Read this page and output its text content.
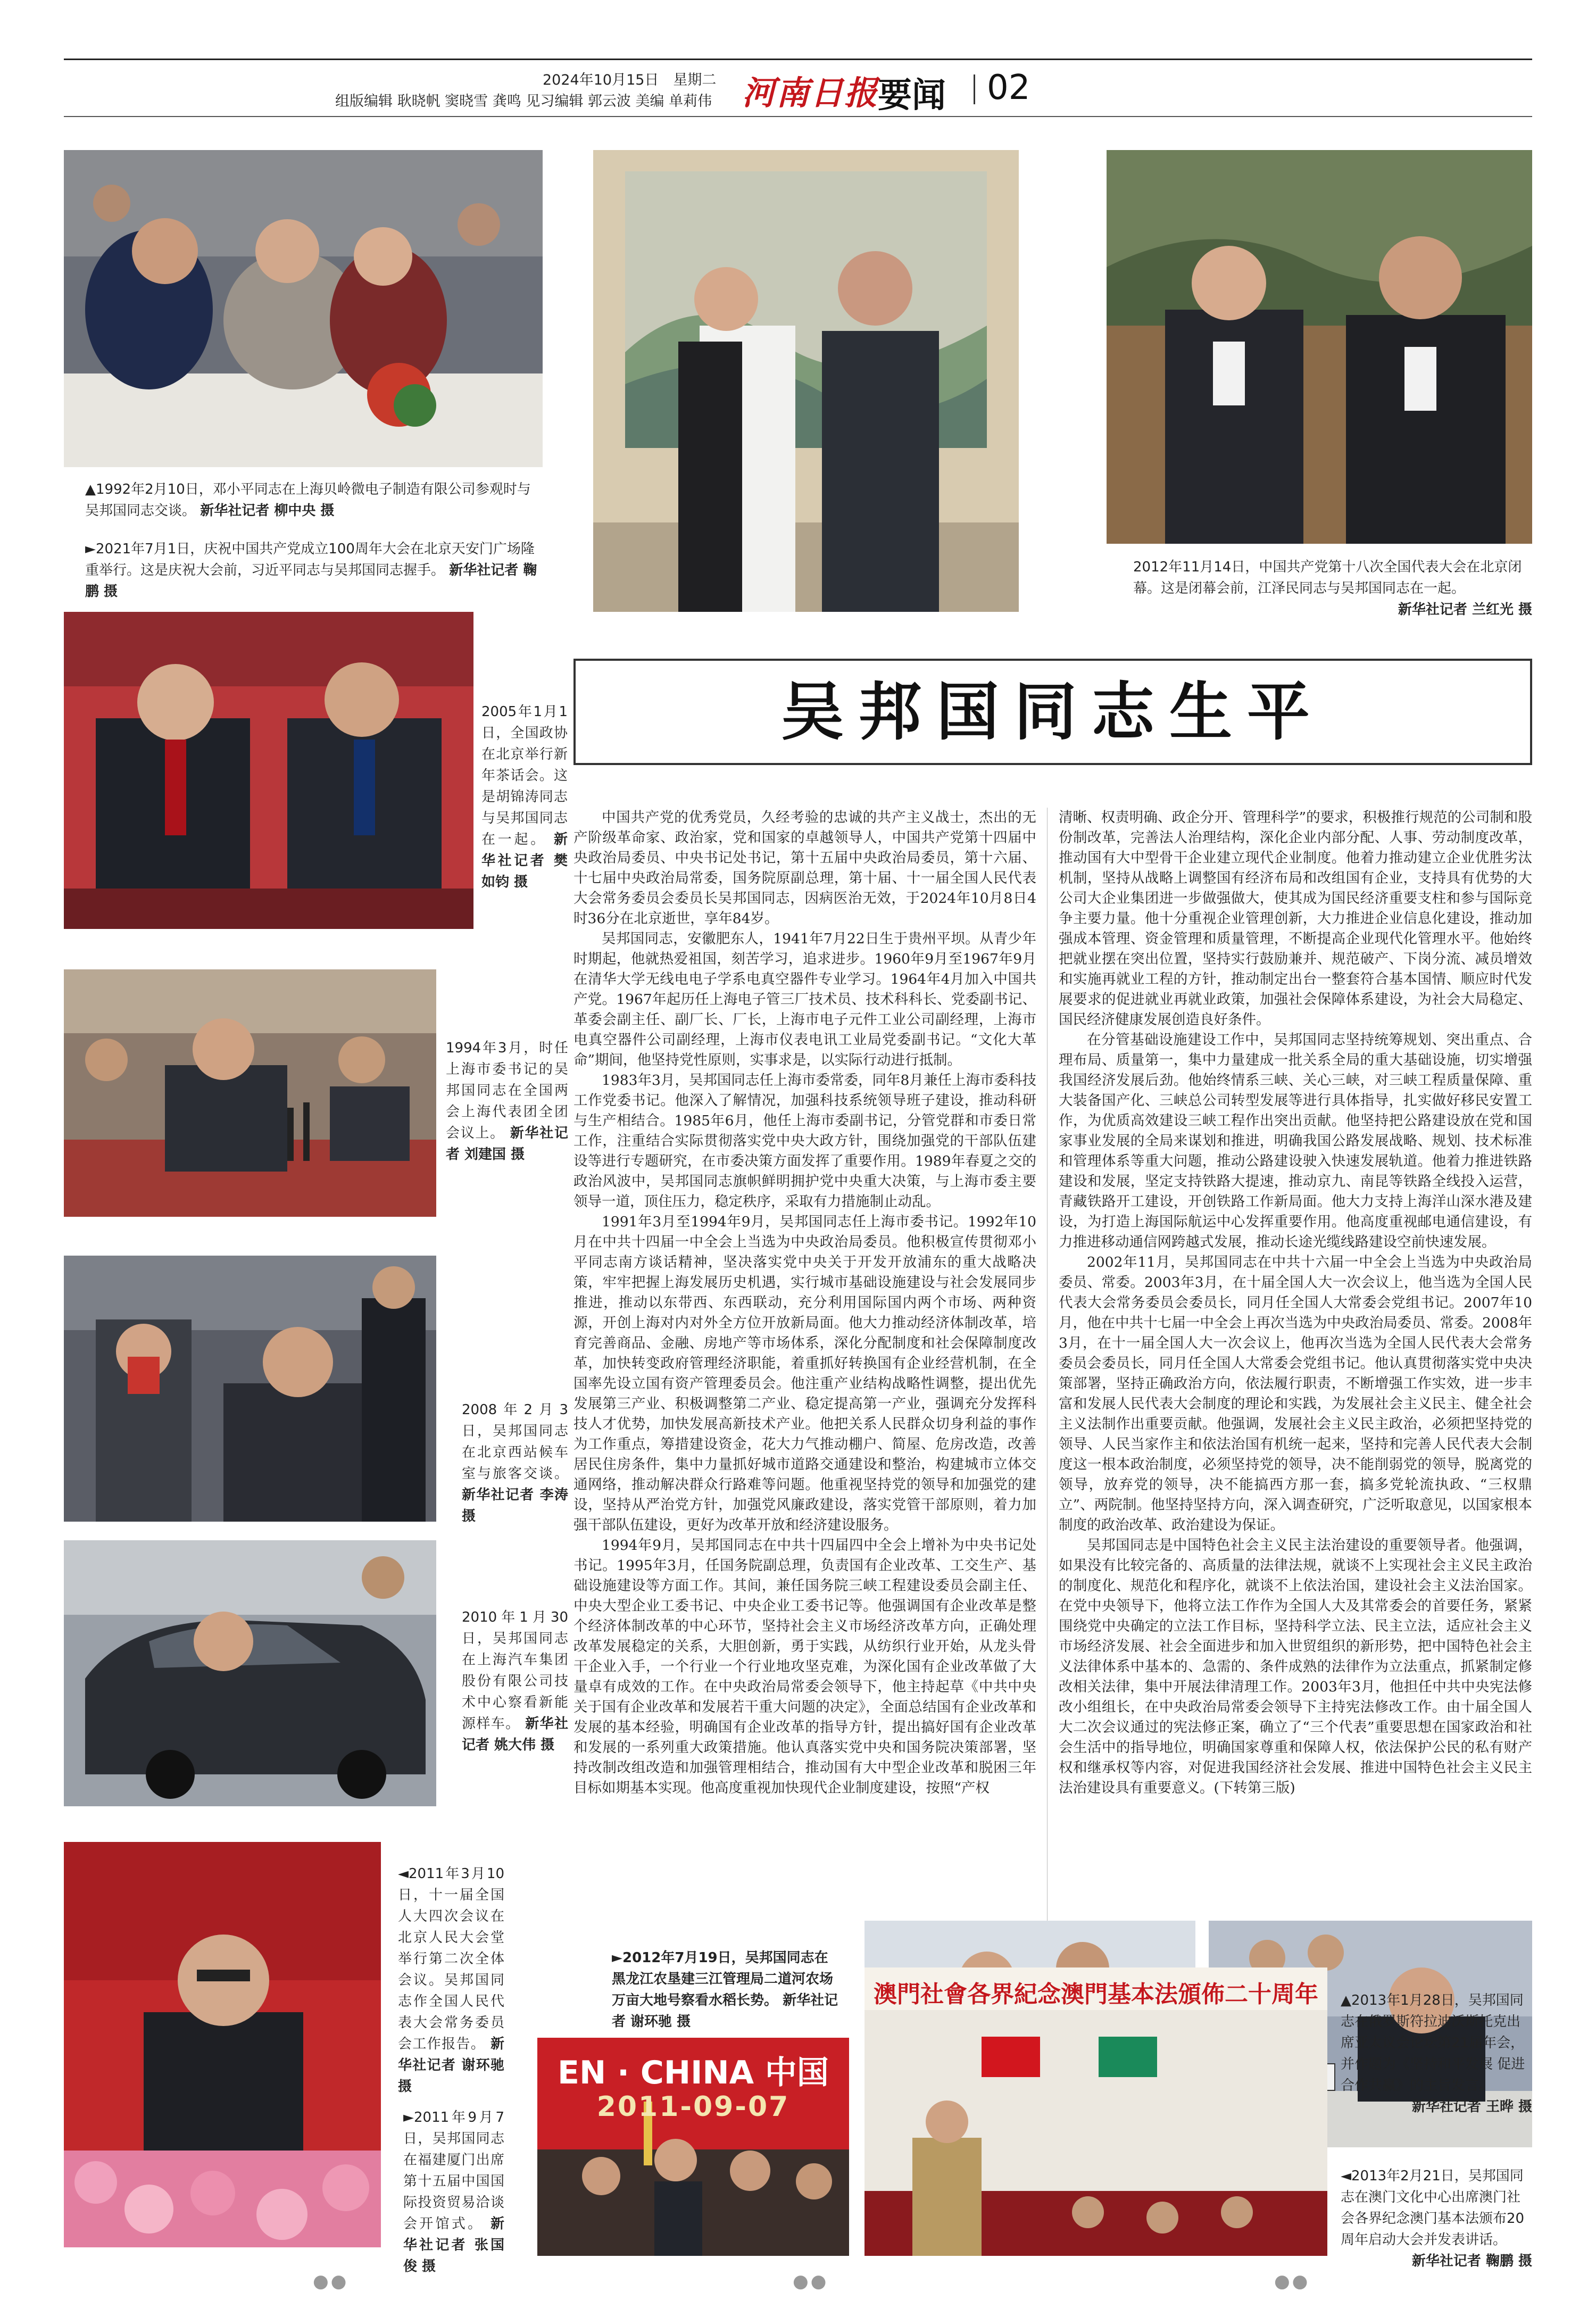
2024年10月15日　星期二
组版编辑 耿晓帆 窦晓雪 龚鸣 见习编辑 郭云波 美编 单莉伟 河南日报
要闻 02
▲1992年2月10日，邓小平同志在上海贝岭微电子制造有限公司参观时与吴邦国同志交谈。 新华社记者 柳中央 摄
►2021年7月1日，庆祝中国共产党成立100周年大会在北京天安门广场隆重举行。这是庆祝大会前，习近平同志与吴邦国同志握手。 新华社记者 鞠鹏 摄
2012年11月14日，中国共产党第十八次全国代表大会在北京闭幕。这是闭幕会前，江泽民同志与吴邦国同志在一起。

新华社记者 兰红光 摄
2005年1月1日，全国政协在北京举行新年茶话会。这是胡锦涛同志与吴邦国同志在一起。 新华社记者 樊如钧 摄
1994年3月，时任上海市委书记的吴邦国同志在全国两会上海代表团全团会议上。 新华社记者 刘建国 摄
2008年2月3日，吴邦国同志在北京西站候车室与旅客交谈。 新华社记者 李涛 摄
2010年1月30日，吴邦国同志在上海汽车集团股份有限公司技术中心察看新能源样车。 新华社记者 姚大伟 摄
◄2011年3月10日，十一届全国人大四次会议在北京人民大会堂举行第二次全体会议。吴邦国同志作全国人民代表大会常务委员会工作报告。 新华社记者 谢环驰 摄
►2011年9月7日，吴邦国同志在福建厦门出席第十五届中国国际投资贸易洽谈会开馆式。 新华社记者 张国俊 摄
吴邦国同志生平

中国共产党的优秀党员，久经考验的忠诚的共产主义战士，杰出的无产阶级革命家、政治家，党和国家的卓越领导人，中国共产党第十四届中央政治局委员、中央书记处书记，第十五届中央政治局委员，第十六届、十七届中央政治局常委，国务院原副总理，第十届、十一届全国人民代表大会常务委员会委员长吴邦国同志，因病医治无效，于2024年10月8日4时36分在北京逝世，享年84岁。

吴邦国同志，安徽肥东人，1941年7月22日生于贵州平坝。从青少年时期起，他就热爱祖国，刻苦学习，追求进步。1960年9月至1967年9月在清华大学无线电电子学系电真空器件专业学习。1964年4月加入中国共产党。1967年起历任上海电子管三厂技术员、技术科科长、党委副书记、革委会副主任、副厂长、厂长，上海市电子元件工业公司副经理，上海市电真空器件公司副经理，上海市仪表电讯工业局党委副书记。“文化大革命”期间，他坚持党性原则，实事求是，以实际行动进行抵制。

1983年3月，吴邦国同志任上海市委常委，同年8月兼任上海市委科技工作党委书记。他深入了解情况，加强科技系统领导班子建设，推动科研与生产相结合。1985年6月，他任上海市委副书记，分管党群和市委日常工作，注重结合实际贯彻落实党中央大政方针，围绕加强党的干部队伍建设等进行专题研究，在市委决策方面发挥了重要作用。1989年春夏之交的政治风波中，吴邦国同志旗帜鲜明拥护党中央重大决策，与上海市委主要领导一道，顶住压力，稳定秩序，采取有力措施制止动乱。

1991年3月至1994年9月，吴邦国同志任上海市委书记。1992年10月在中共十四届一中全会上当选为中央政治局委员。他积极宣传贯彻邓小平同志南方谈话精神，坚决落实党中央关于开发开放浦东的重大战略决策，牢牢把握上海发展历史机遇，实行城市基础设施建设与社会发展同步推进，推动以东带西、东西联动，充分利用国际国内两个市场、两种资源，开创上海对内对外全方位开放新局面。他大力推动经济体制改革，培育完善商品、金融、房地产等市场体系，深化分配制度和社会保障制度改革，加快转变政府管理经济职能，着重抓好转换国有企业经营机制，在全国率先设立国有资产管理委员会。他注重产业结构战略性调整，提出优先发展第三产业、积极调整第二产业、稳定提高第一产业，强调充分发挥科技人才优势，加快发展高新技术产业。他把关系人民群众切身利益的事作为工作重点，筹措建设资金，花大力气推动棚户、简屋、危房改造，改善居民住房条件，集中力量抓好城市道路交通建设和整治，构建城市立体交通网络，推动解决群众行路难等问题。他重视坚持党的领导和加强党的建设，坚持从严治党方针，加强党风廉政建设，落实党管干部原则，着力加强干部队伍建设，更好为改革开放和经济建设服务。

1994年9月，吴邦国同志在中共十四届四中全会上增补为中央书记处书记。1995年3月，任国务院副总理，负责国有企业改革、工交生产、基础设施建设等方面工作。其间，兼任国务院三峡工程建设委员会副主任、中央大型企业工委书记、中央企业工委书记等。他强调国有企业改革是整个经济体制改革的中心环节，坚持社会主义市场经济改革方向，正确处理改革发展稳定的关系，大胆创新，勇于实践，从纺织行业开始，从龙头骨干企业入手，一个行业一个行业地攻坚克难，为深化国有企业改革做了大量卓有成效的工作。在中央政治局常委会领导下，他主持起草《中共中央关于国有企业改革和发展若干重大问题的决定》，全面总结国有企业改革和发展的基本经验，明确国有企业改革的指导方针，提出搞好国有企业改革和发展的一系列重大政策措施。他认真落实党中央和国务院决策部署，坚持改制改组改造和加强管理相结合，推动国有大中型企业改革和脱困三年目标如期基本实现。他高度重视加快现代企业制度建设，按照“产权

清晰、权责明确、政企分开、管理科学”的要求，积极推行规范的公司制和股份制改革，完善法人治理结构，深化企业内部分配、人事、劳动制度改革，推动国有大中型骨干企业建立现代企业制度。他着力推动建立企业优胜劣汰机制，坚持从战略上调整国有经济布局和改组国有企业，支持具有优势的大公司大企业集团进一步做强做大，使其成为国民经济重要支柱和参与国际竞争主要力量。他十分重视企业管理创新，大力推进企业信息化建设，推动加强成本管理、资金管理和质量管理，不断提高企业现代化管理水平。他始终把就业摆在突出位置，坚持实行鼓励兼并、规范破产、下岗分流、减员增效和实施再就业工程的方针，推动制定出台一整套符合基本国情、顺应时代发展要求的促进就业再就业政策，加强社会保障体系建设，为社会大局稳定、国民经济健康发展创造良好条件。

在分管基础设施建设工作中，吴邦国同志坚持统筹规划、突出重点、合理布局、质量第一，集中力量建成一批关系全局的重大基础设施，切实增强我国经济发展后劲。他始终情系三峡、关心三峡，对三峡工程质量保障、重大装备国产化、三峡总公司转型发展等进行具体指导，扎实做好移民安置工作，为优质高效建设三峡工程作出突出贡献。他坚持把公路建设放在党和国家事业发展的全局来谋划和推进，明确我国公路发展战略、规划、技术标准和管理体系等重大问题，推动公路建设驶入快速发展轨道。他着力推进铁路建设和发展，坚定支持铁路大提速，推动京九、南昆等铁路全线投入运营，青藏铁路开工建设，开创铁路工作新局面。他大力支持上海洋山深水港及建设，为打造上海国际航运中心发挥重要作用。他高度重视邮电通信建设，有力推进移动通信网跨越式发展，推动长途光缆线路建设空前快速发展。

2002年11月，吴邦国同志在中共十六届一中全会上当选为中央政治局委员、常委。2003年3月，在十届全国人大一次会议上，他当选为全国人民代表大会常务委员会委员长，同月任全国人大常委会党组书记。2007年10月，他在中共十七届一中全会上再次当选为中央政治局委员、常委。2008年3月，在十一届全国人大一次会议上，他再次当选为全国人民代表大会常务委员会委员长，同月任全国人大常委会党组书记。他认真贯彻落实党中央决策部署，坚持正确政治方向，依法履行职责，不断增强工作实效，进一步丰富和发展人民代表大会制度的理论和实践，为发展社会主义民主、健全社会主义法制作出重要贡献。他强调，发展社会主义民主政治，必须把坚持党的领导、人民当家作主和依法治国有机统一起来，坚持和完善人民代表大会制度这一根本政治制度，必须坚持党的领导，决不能削弱党的领导，脱离党的领导，放弃党的领导，决不能搞西方那一套，搞多党轮流执政、“三权鼎立”、两院制。他坚持坚持方向，深入调查研究，广泛听取意见，以国家根本制度的政治改革、政治建设为保证。

吴邦国同志是中国特色社会主义民主法治建设的重要领导者。他强调，如果没有比较完备的、高质量的法律法规，就谈不上实现社会主义民主政治的制度化、规范化和程序化，就谈不上依法治国，建设社会主义法治国家。在党中央领导下，他将立法工作作为全国人大及其常委会的首要任务，紧紧围绕党中央确定的立法工作目标，坚持科学立法、民主立法，适应社会主义市场经济发展、社会全面进步和加入世贸组织的新形势，把中国特色社会主义法律体系中基本的、急需的、条件成熟的法律作为立法重点，抓紧制定修改相关法律，集中开展法律清理工作。2003年3月，他担任中共中央宪法修改小组组长，在中央政治局常委会领导下主持宪法修改工作。由十届全国人大二次会议通过的宪法修正案，确立了“三个代表”重要思想在国家政治和社会生活中的指导地位，明确国家尊重和保障人权，依法保护公民的私有财产权和继承权等内容，对促进我国经济社会发展、推进中国特色社会主义民主法治建设具有重要意义。(下转第三版)

►2012年7月19日，吴邦国同志在黑龙江农垦建三江管理局二道河农场万亩大地号察看水稻长势。 新华社记者 谢环驰 摄
EN · CHINA 中国
2011-09-07
澳門社會各界紀念澳門基本法頒佈二十周年	▲2013年1月28日，吴邦国同志在俄罗斯符拉迪沃斯托克出席亚太议会论坛第21届年会，并作题为《坚持和平发展 促进合作共赢》的主旨发言。

新华社记者 王晔 摄
◄2013年2月21日，吴邦国同志在澳门文化中心出席澳门社会各界纪念澳门基本法颁布20周年启动大会并发表讲话。

新华社记者 鞠鹏 摄
●●	●●	●●
